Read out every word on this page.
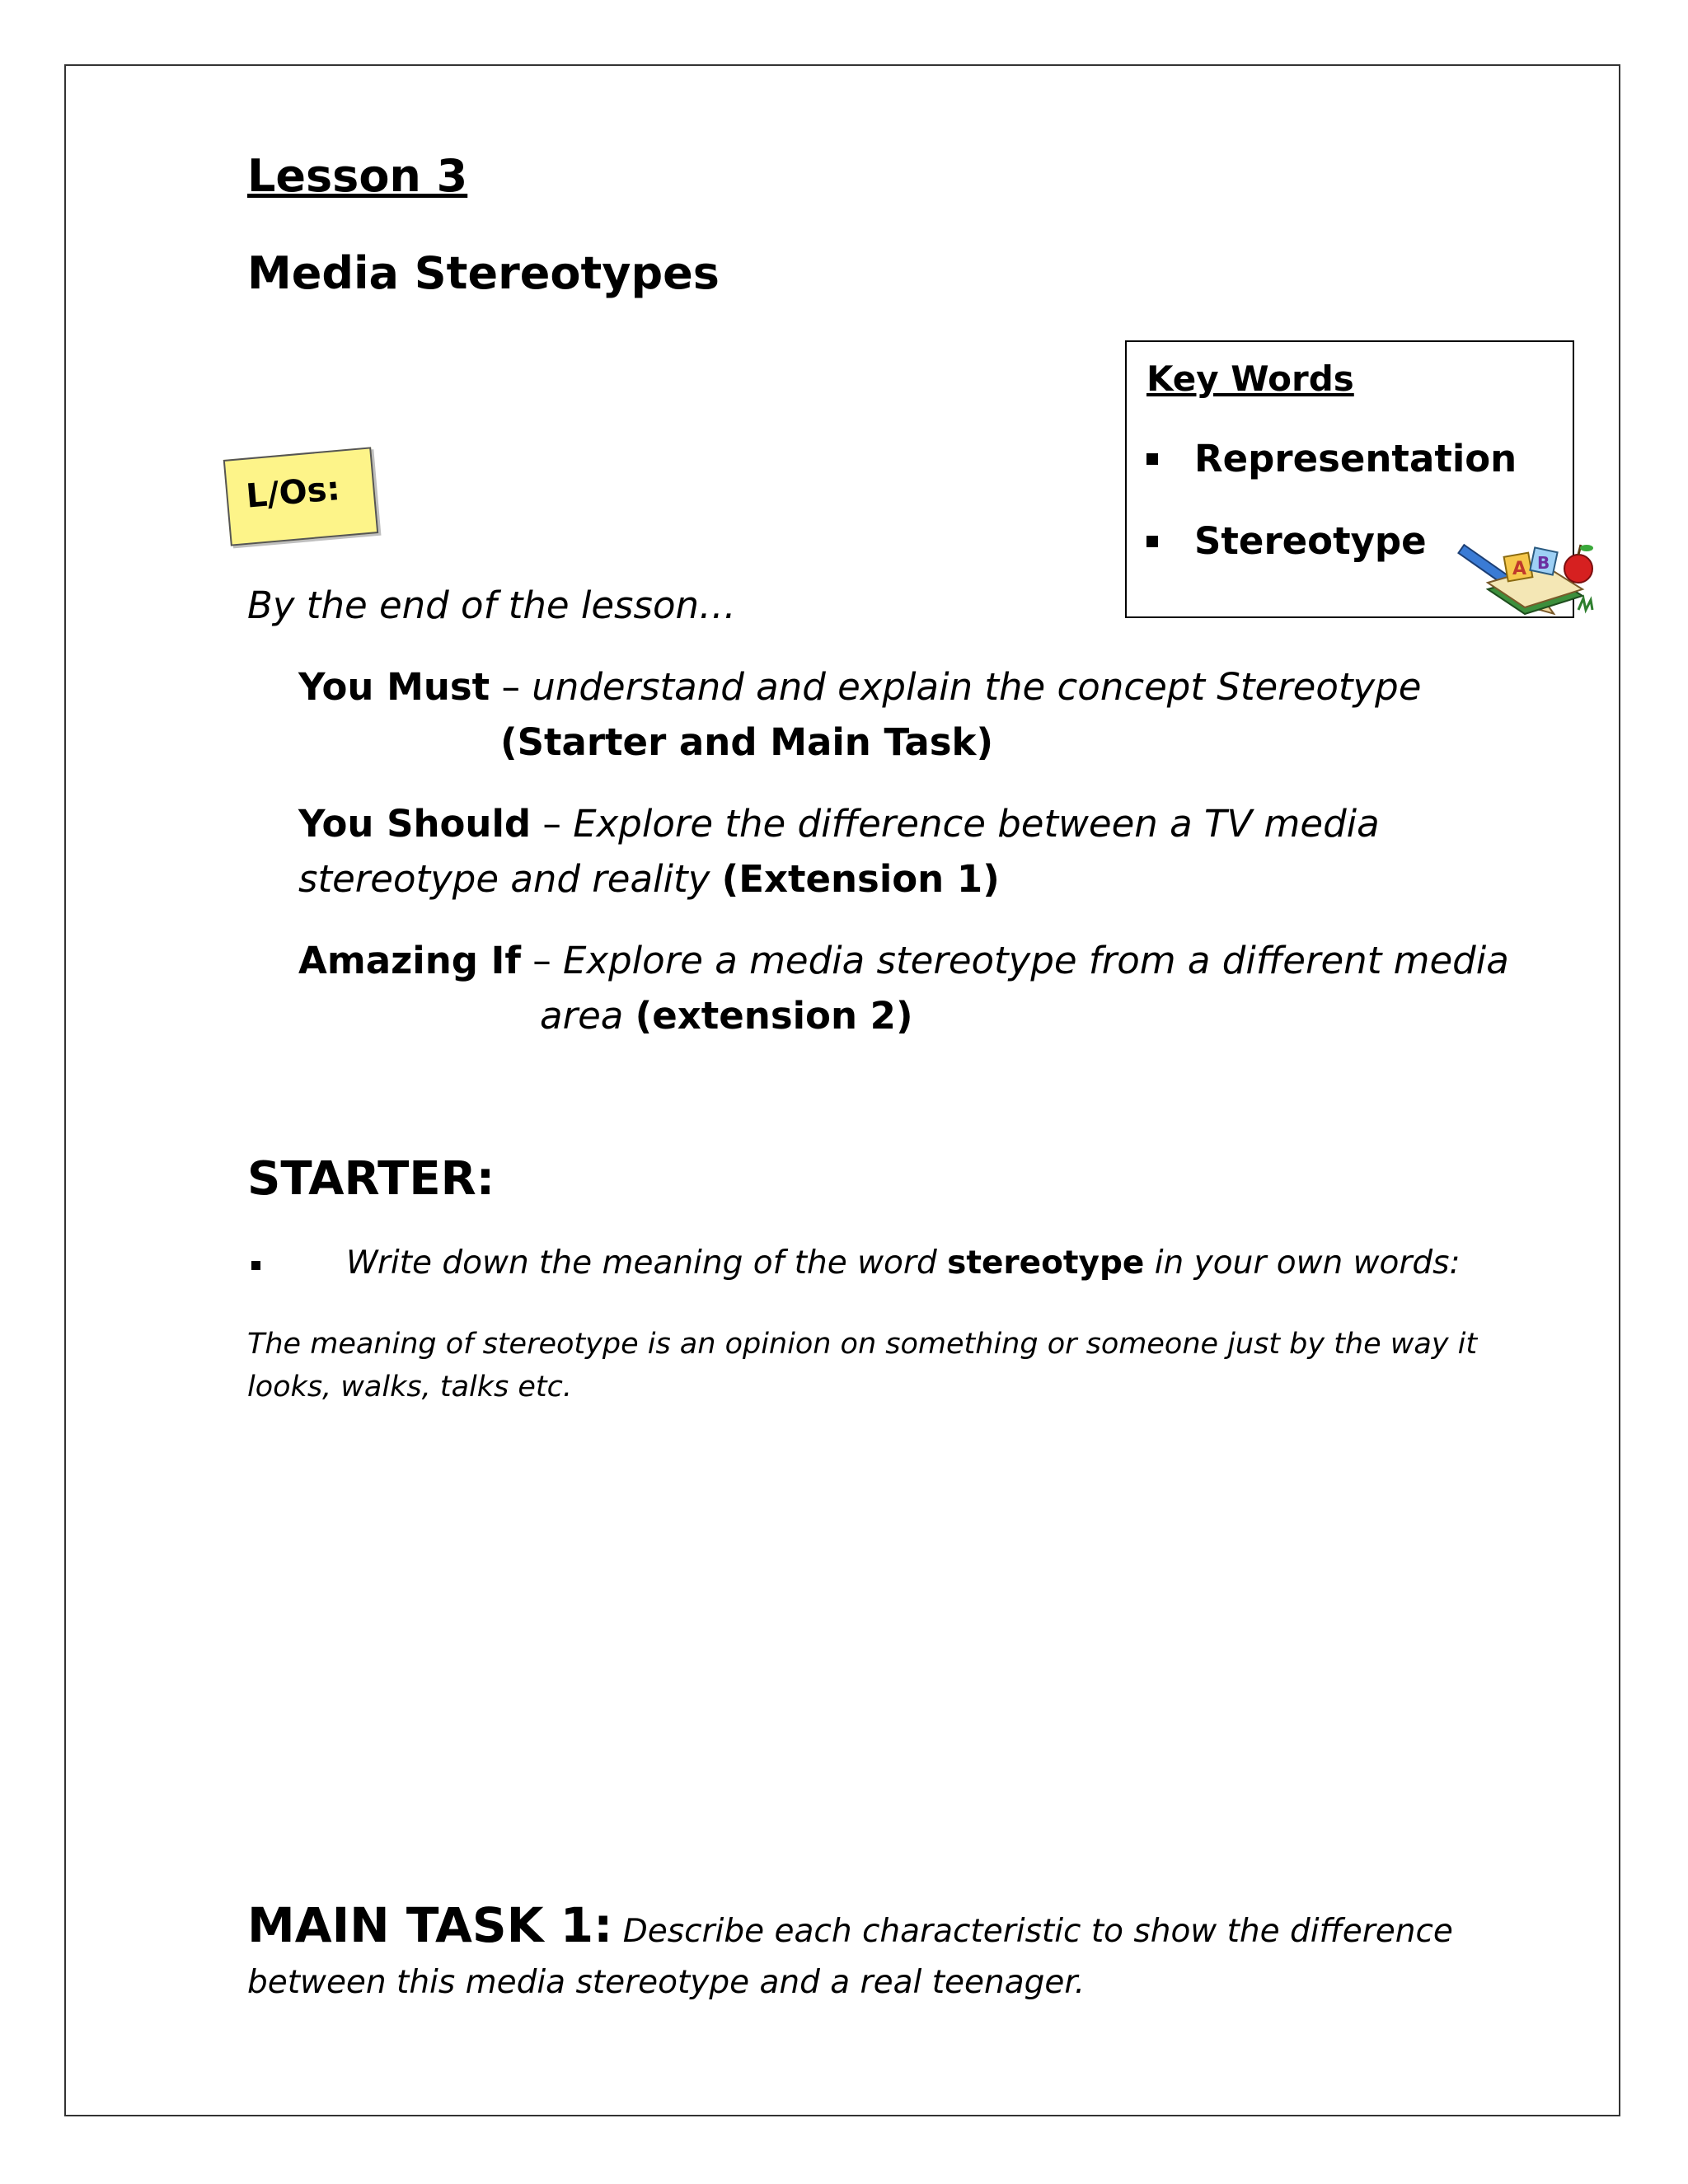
Lesson 3
Media Stereotypes
Key Words
Representation
Stereotype
A B
L/Os:
By the end of the lesson…
You Must – understand and explain the concept Stereotype
(Starter and Main Task)
You Should – Explore the difference between a TV media stereotype and reality (Extension 1)
Amazing If – Explore a media stereotype from a different media
area (extension 2)
STARTER:
Write down the meaning of the word stereotype in your own words:
The meaning of stereotype is an opinion on something or someone just by the way it looks, walks, talks etc.
MAIN TASK 1: Describe each characteristic to show the difference between this media stereotype and a real teenager.
